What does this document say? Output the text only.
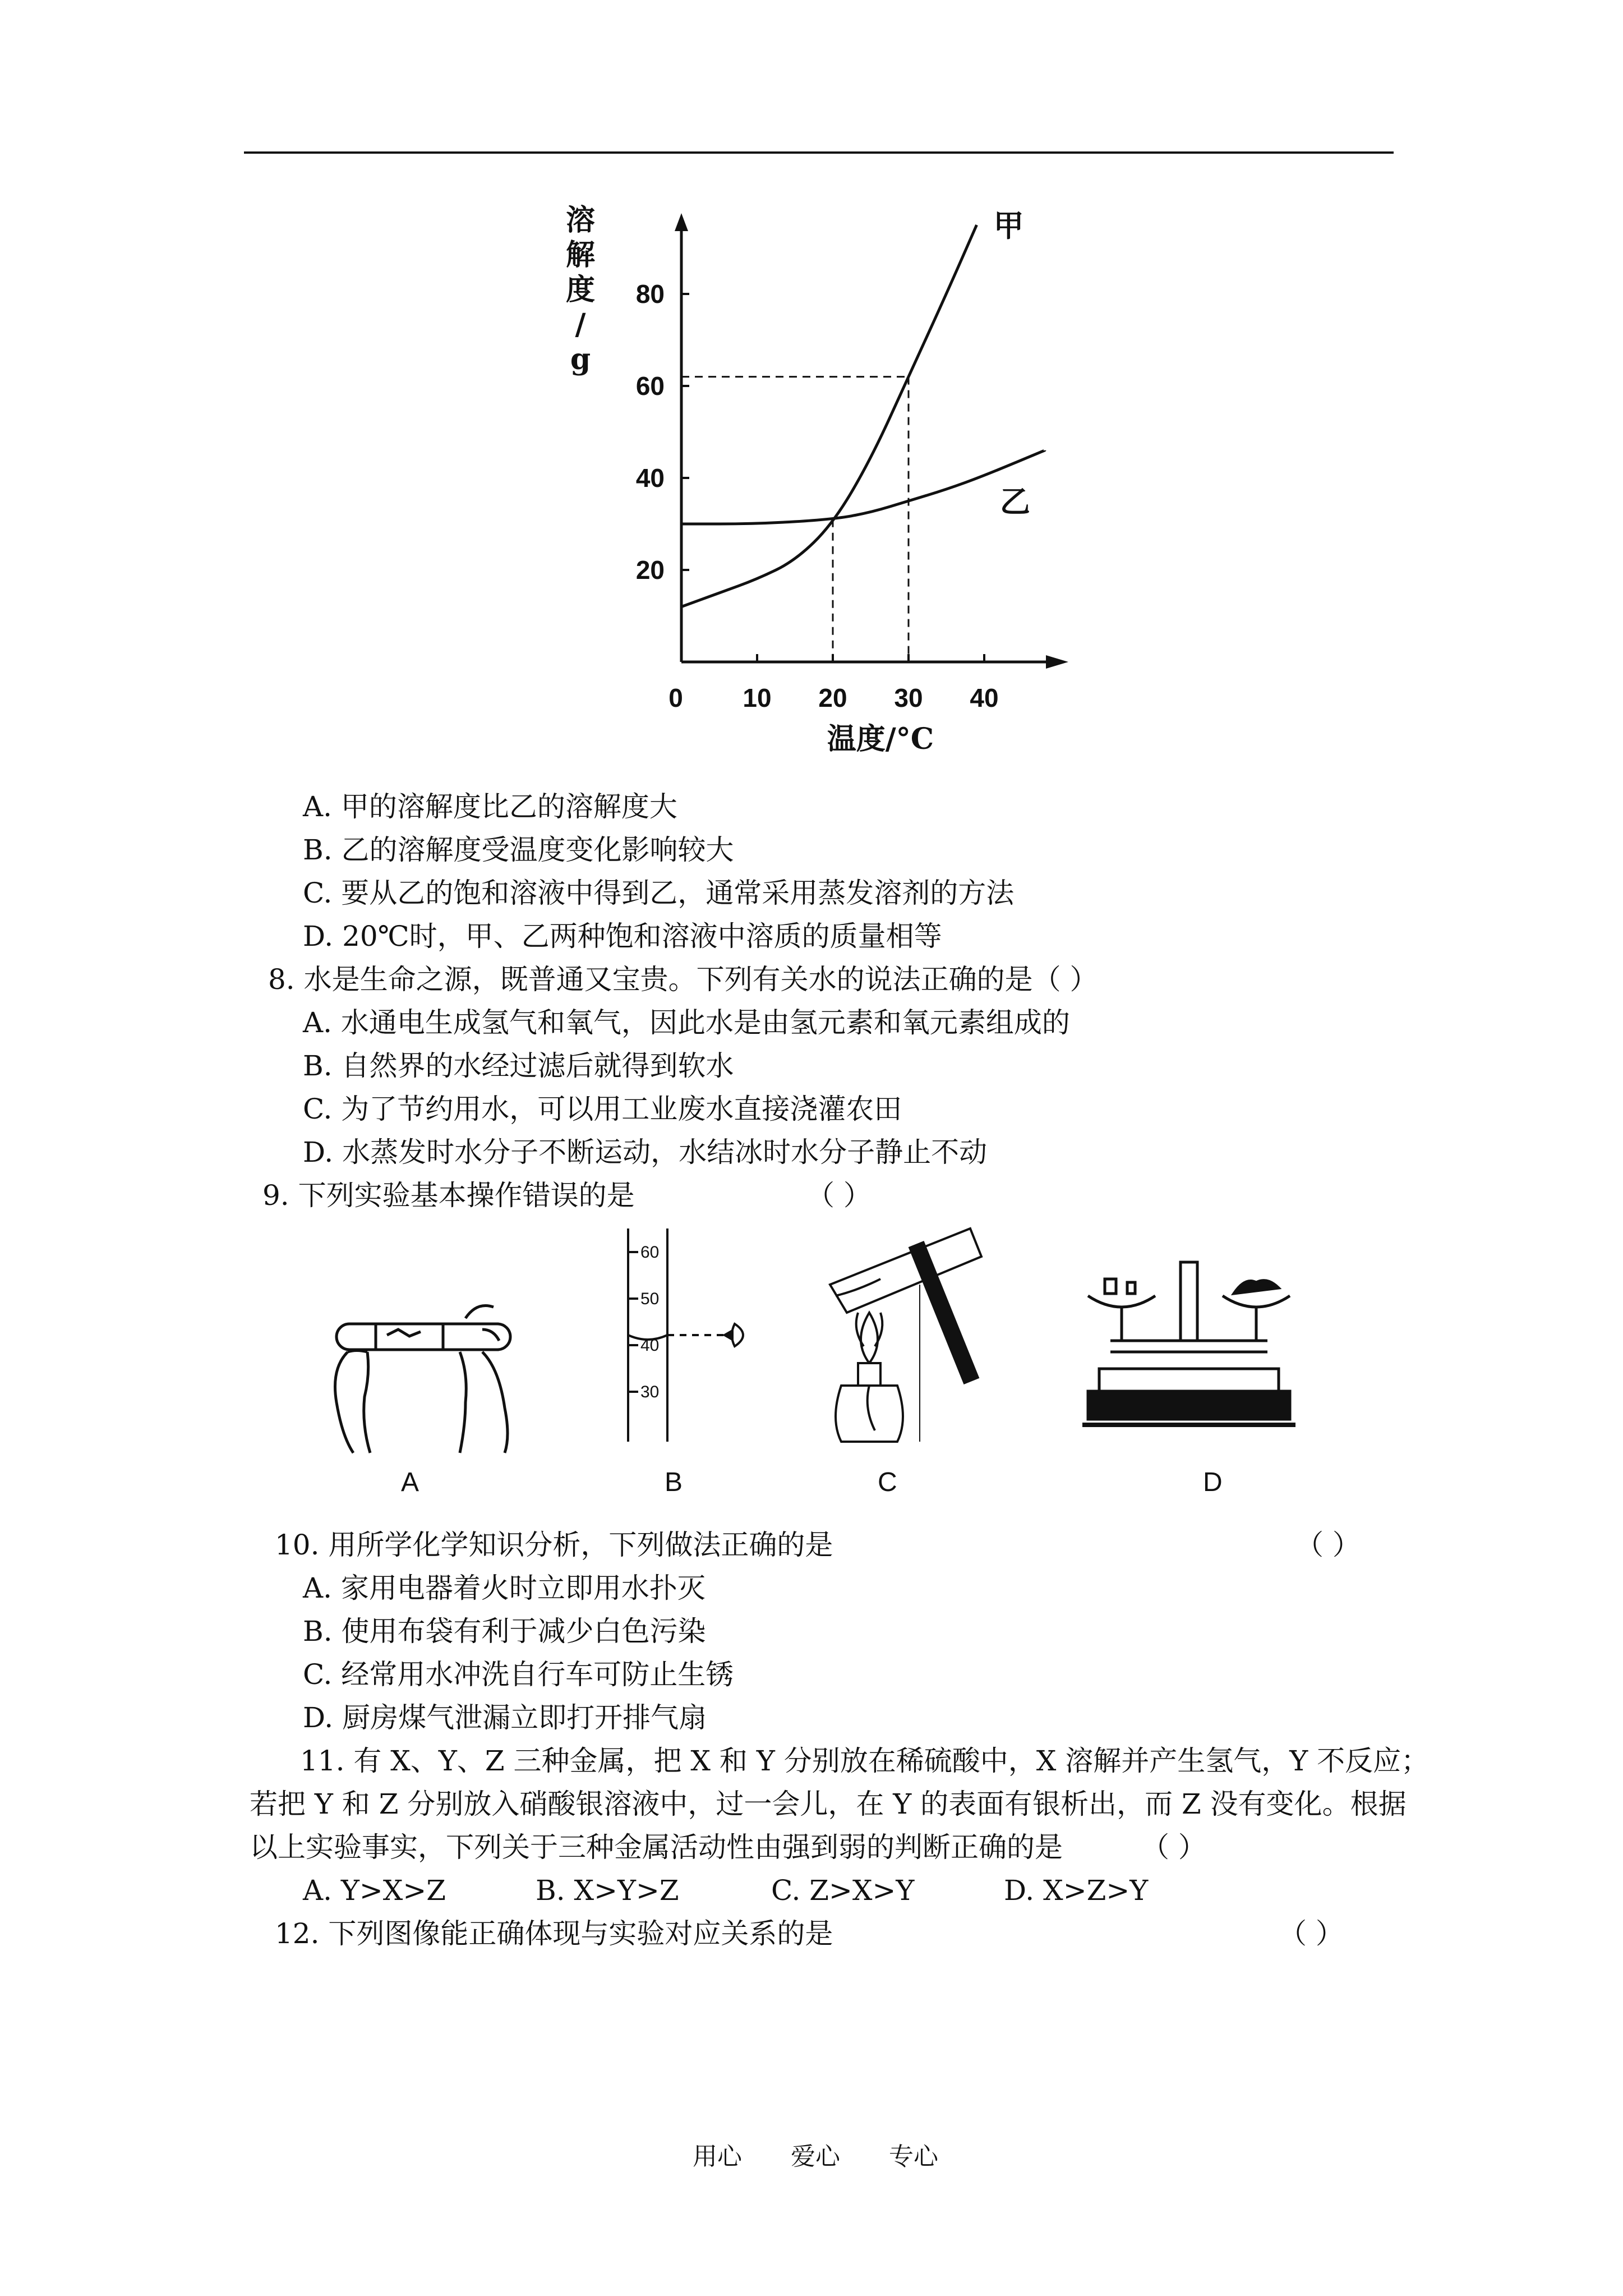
20
40
60
80
0 10 20 30 40
甲
乙
溶
解
度
/
g
温度/°C
A. 甲的溶解度比乙的溶解度大
B. 乙的溶解度受温度变化影响较大
C. 要从乙的饱和溶液中得到乙，通常采用蒸发溶剂的方法
D. 20℃时，甲、乙两种饱和溶液中溶质的质量相等
8. 水是生命之源，既普通又宝贵。下列有关水的说法正确的是（ ）
A. 水通电生成氢气和氧气，因此水是由氢元素和氧元素组成的
B. 自然界的水经过滤后就得到软水
C. 为了节约用水，可以用工业废水直接浇灌农田
D. 水蒸发时水分子不断运动，水结冰时水分子静止不动
9. 下列实验基本操作错误的是	（ ）
60
50
40
30
A	B	C	D
10. 用所学化学知识分析，下列做法正确的是	（ ）
A. 家用电器着火时立即用水扑灭
B. 使用布袋有利于减少白色污染
C. 经常用水冲洗自行车可防止生锈
D. 厨房煤气泄漏立即打开排气扇
11. 有 X、Y、Z 三种金属，把 X 和 Y 分别放在稀硫酸中，X 溶解并产生氢气，Y 不反应；
若把 Y 和 Z 分别放入硝酸银溶液中，过一会儿，在 Y 的表面有银析出，而 Z 没有变化。根据
以上实验事实，下列关于三种金属活动性由强到弱的判断正确的是	（ ）
A. Y>X>Z	B. X>Y>Z	C. Z>X>Y	D. X>Z>Y
12. 下列图像能正确体现与实验对应关系的是	（ ）
用心 爱心 专心
